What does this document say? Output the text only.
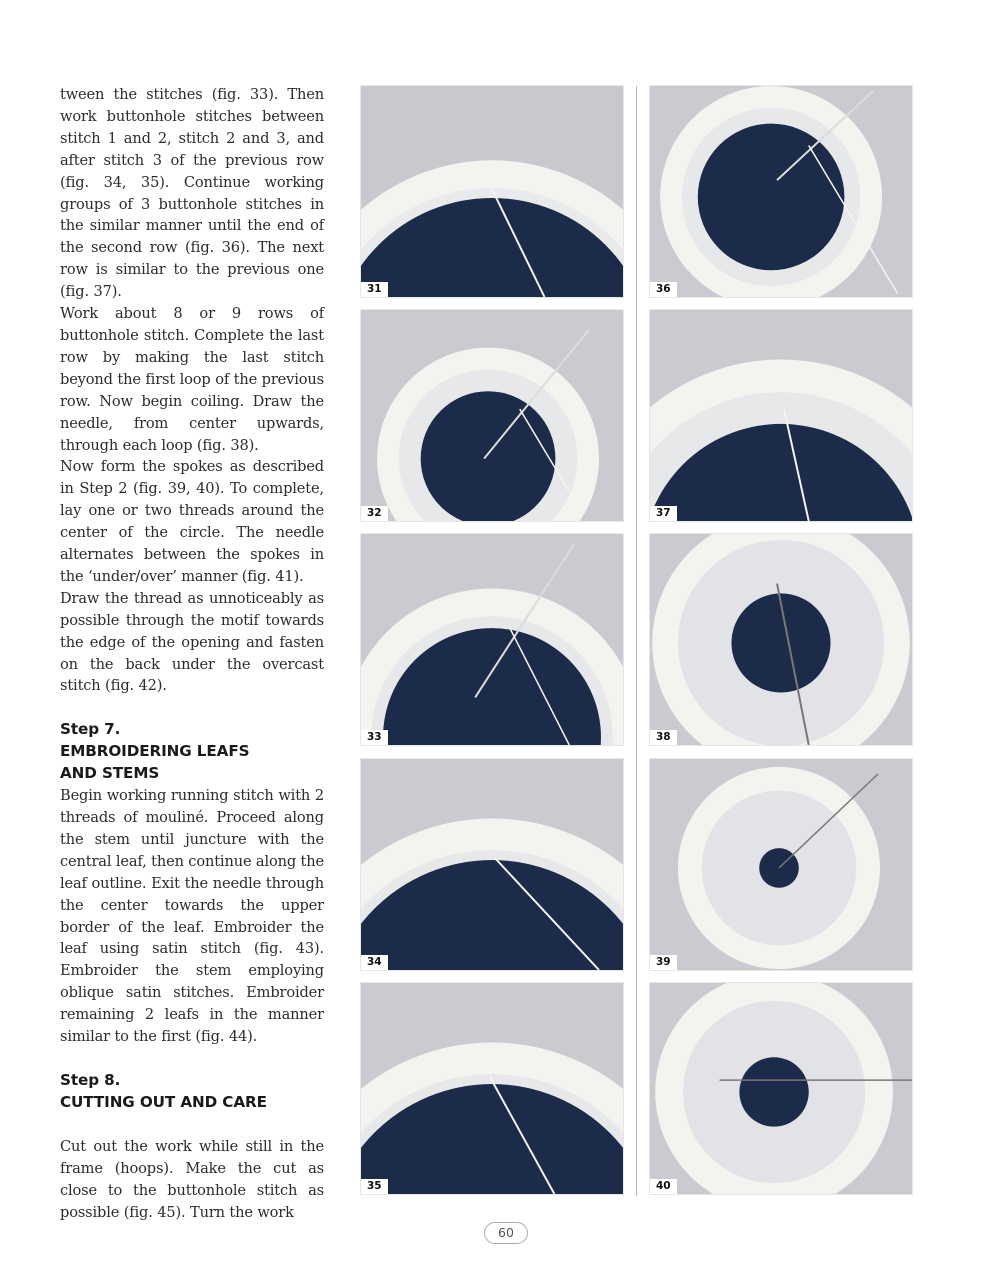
tween the stitches (fig. 33). Then work buttonhole stitches between stitch 1 and 2, stitch 2 and 3, and after stitch 3 of the previous row (fig. 34, 35). Continue working groups of 3 buttonhole stitches in the similar manner until the end of the second row (fig. 36). The next row is similar to the previous one (fig. 37).

Work about 8 or 9 rows of buttonhole stitch. Complete the last row by making the last stitch beyond the first loop of the previous row. Now begin coiling. Draw the needle, from center upwards, through each loop (fig. 38).

Now form the spokes as described in Step 2 (fig. 39, 40). To complete, lay one or two threads around the center of the circle. The needle alternates between the spokes in the ‘under/over’ manner (fig. 41).

Draw the thread as unnoticeably as possible through the motif towards the edge of the opening and fasten on the back under the overcast stitch (fig. 42).

Step 7.
EMBROIDERING LEAFS
AND STEMS

Begin working running stitch with 2 threads of mouliné. Proceed along the stem until juncture with the central leaf, then continue along the leaf outline. Exit the needle through the center towards the upper border of the leaf. Embroider the leaf using satin stitch (fig. 43). Embroider the stem employing oblique satin stitches. Embroider remaining 2 leafs in the manner similar to the first (fig. 44).

Step 8.
CUTTING OUT AND CARE

Cut out the work while still in the frame (hoops). Make the cut as close to the buttonhole stitch as possible (fig. 45). Turn the work

31
32
33
34
35
36
37
38
39
40
60
